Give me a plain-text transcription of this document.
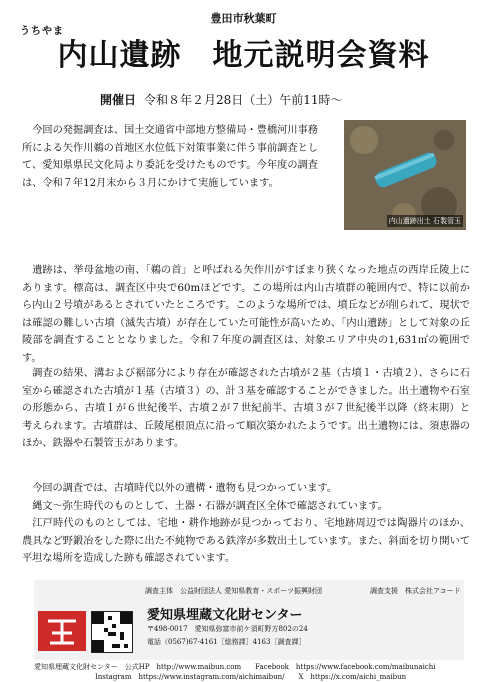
豊田市秋葉町
うちやま
内山遺跡　地元説明会資料
開催日 令和８年２月28日（土）午前11時〜
今回の発掘調査は、国土交通省中部地方整備局・豊橋河川事務所による矢作川鵜の首地区水位低下対策事業に伴う事前調査として、愛知県県民文化局より委託を受けたものです。今年度の調査は、令和７年12月末から３月にかけて実施しています。
内山遺跡出土 石製管玉
遺跡は、挙母盆地の南、「鵜の首」と呼ばれる矢作川がすぼまり狭くなった地点の西岸丘陵上にあります。標高は、調査区中央で60mほどです。この場所は内山古墳群の範囲内で、特に以前から内山２号墳があるとされていたところです。このような場所では、墳丘などが削られて、現状では確認の難しい古墳（滅失古墳）が存在していた可能性が高いため、「内山遺跡」として対象の丘陵部を調査することとなりました。令和７年度の調査区は、対象エリア中央の1,631㎡の範囲です。
調査の結果、溝および裾部分により存在が確認された古墳が２基（古墳１・古墳２）、さらに石室から確認された古墳が１基（古墳３）の、計３基を確認することができました。出土遺物や石室の形態から、古墳１が６世紀後半、古墳２が７世紀前半、古墳３が７世紀後半以降（終末期）と考えられます。古墳群は、丘陵尾根頂点に沿って順次築かれたようです。出土遺物には、須恵器のほか、鉄器や石製管玉があります。
今回の調査では、古墳時代以外の遺構・遺物も見つかっています。
縄文〜弥生時代のものとして、土器・石器が調査区全体で確認されています。
江戸時代のものとしては、宅地・耕作地跡が見つかっており、宅地跡周辺では陶器片のほか、農具など野鍛冶をした際に出た不純物である鉄滓が多数出土しています。また、斜面を切り開いて平坦な場所を造成した跡も確認されています。
調査主体　公益財団法人 愛知県教育・スポーツ振興財団	調査支援　株式会社アコード
愛知県埋蔵文化財センター
〒498-0017　愛知県弥富市前ケ須町野方802の24
電話（0567)67-4161［総務課］4163［調査課］
愛知県埋蔵文化財センター　公式HP　http://www.maibun.com　　Facebook　https://www.facebook.com/maibunaichi
Instagram　https://www.instagram.com/aichimaibun/　　X　https://x.com/aichi_maibun
